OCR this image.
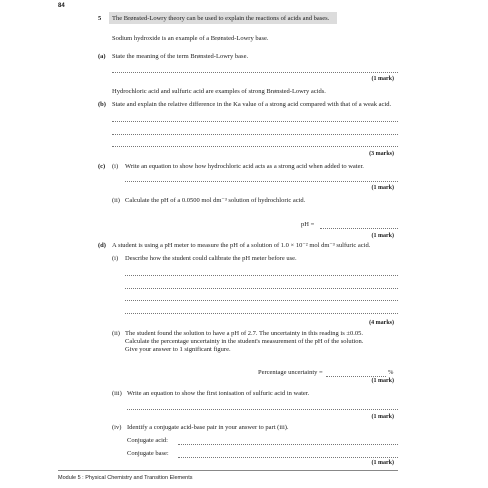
84
5 The Brønsted-Lowry theory can be used to explain the reactions of acids and bases.
Sodium hydroxide is an example of a Brønsted-Lowry base.
(a) State the meaning of the term Brønsted-Lowry base.
(1 mark)
Hydrochloric acid and sulfuric acid are examples of strong Brønsted-Lowry acids.
(b) State and explain the relative difference in the Ka value of a strong acid compared with that of a weak acid.
(3 marks)
(c) (i) Write an equation to show how hydrochloric acid acts as a strong acid when added to water.
(1 mark)
(ii) Calculate the pH of a 0.0500 mol dm⁻³ solution of hydrochloric acid.
pH =
(1 mark)
(d) A student is using a pH meter to measure the pH of a solution of 1.0 × 10⁻² mol dm⁻³ sulfuric acid.
(i) Describe how the student could calibrate the pH meter before use.
(4 marks)
(ii) The student found the solution to have a pH of 2.7. The uncertainty in this reading is ±0.05.
Calculate the percentage uncertainty in the student's measurement of the pH of the solution.
Give your answer to 1 significant figure.
Percentage uncertainty =	%
(1 mark)
(iii) Write an equation to show the first ionisation of sulfuric acid in water.
(1 mark)
(iv) Identify a conjugate acid-base pair in your answer to part (iii).
Conjugate acid:
Conjugate base:
(1 mark)
Module 5 : Physical Chemistry and Transition Elements
